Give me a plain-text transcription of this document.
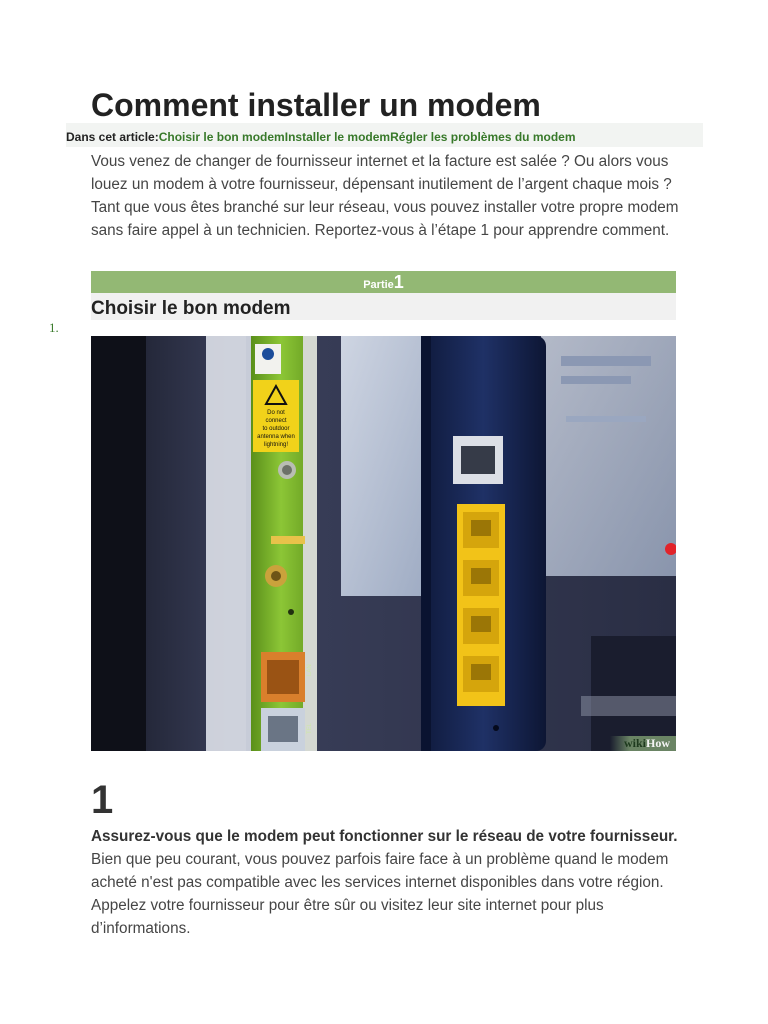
Comment installer un modem
Dans cet article:Choisir le bon modemInstaller le modemRégler les problèmes du modem

Vous venez de changer de fournisseur internet et la facture est salée ? Ou alors vous louez un modem à votre fournisseur, dépensant inutilement de l’argent chaque mois ? Tant que vous êtes branché sur leur réseau, vous pouvez installer votre propre modem sans faire appel à un technicien. Reportez-vous à l’étape 1 pour apprendre comment.

Partie1
Choisir le bon modem
1.
Do not
connect
to outdoor
antenna when
lightning!
LAN
TEL
wikiHow
1

Assurez-vous que le modem peut fonctionner sur le réseau de votre fournisseur. Bien que peu courant, vous pouvez parfois faire face à un problème quand le modem acheté n'est pas compatible avec les services internet disponibles dans votre région. Appelez votre fournisseur pour être sûr ou visitez leur site internet pour plus d’informations.
